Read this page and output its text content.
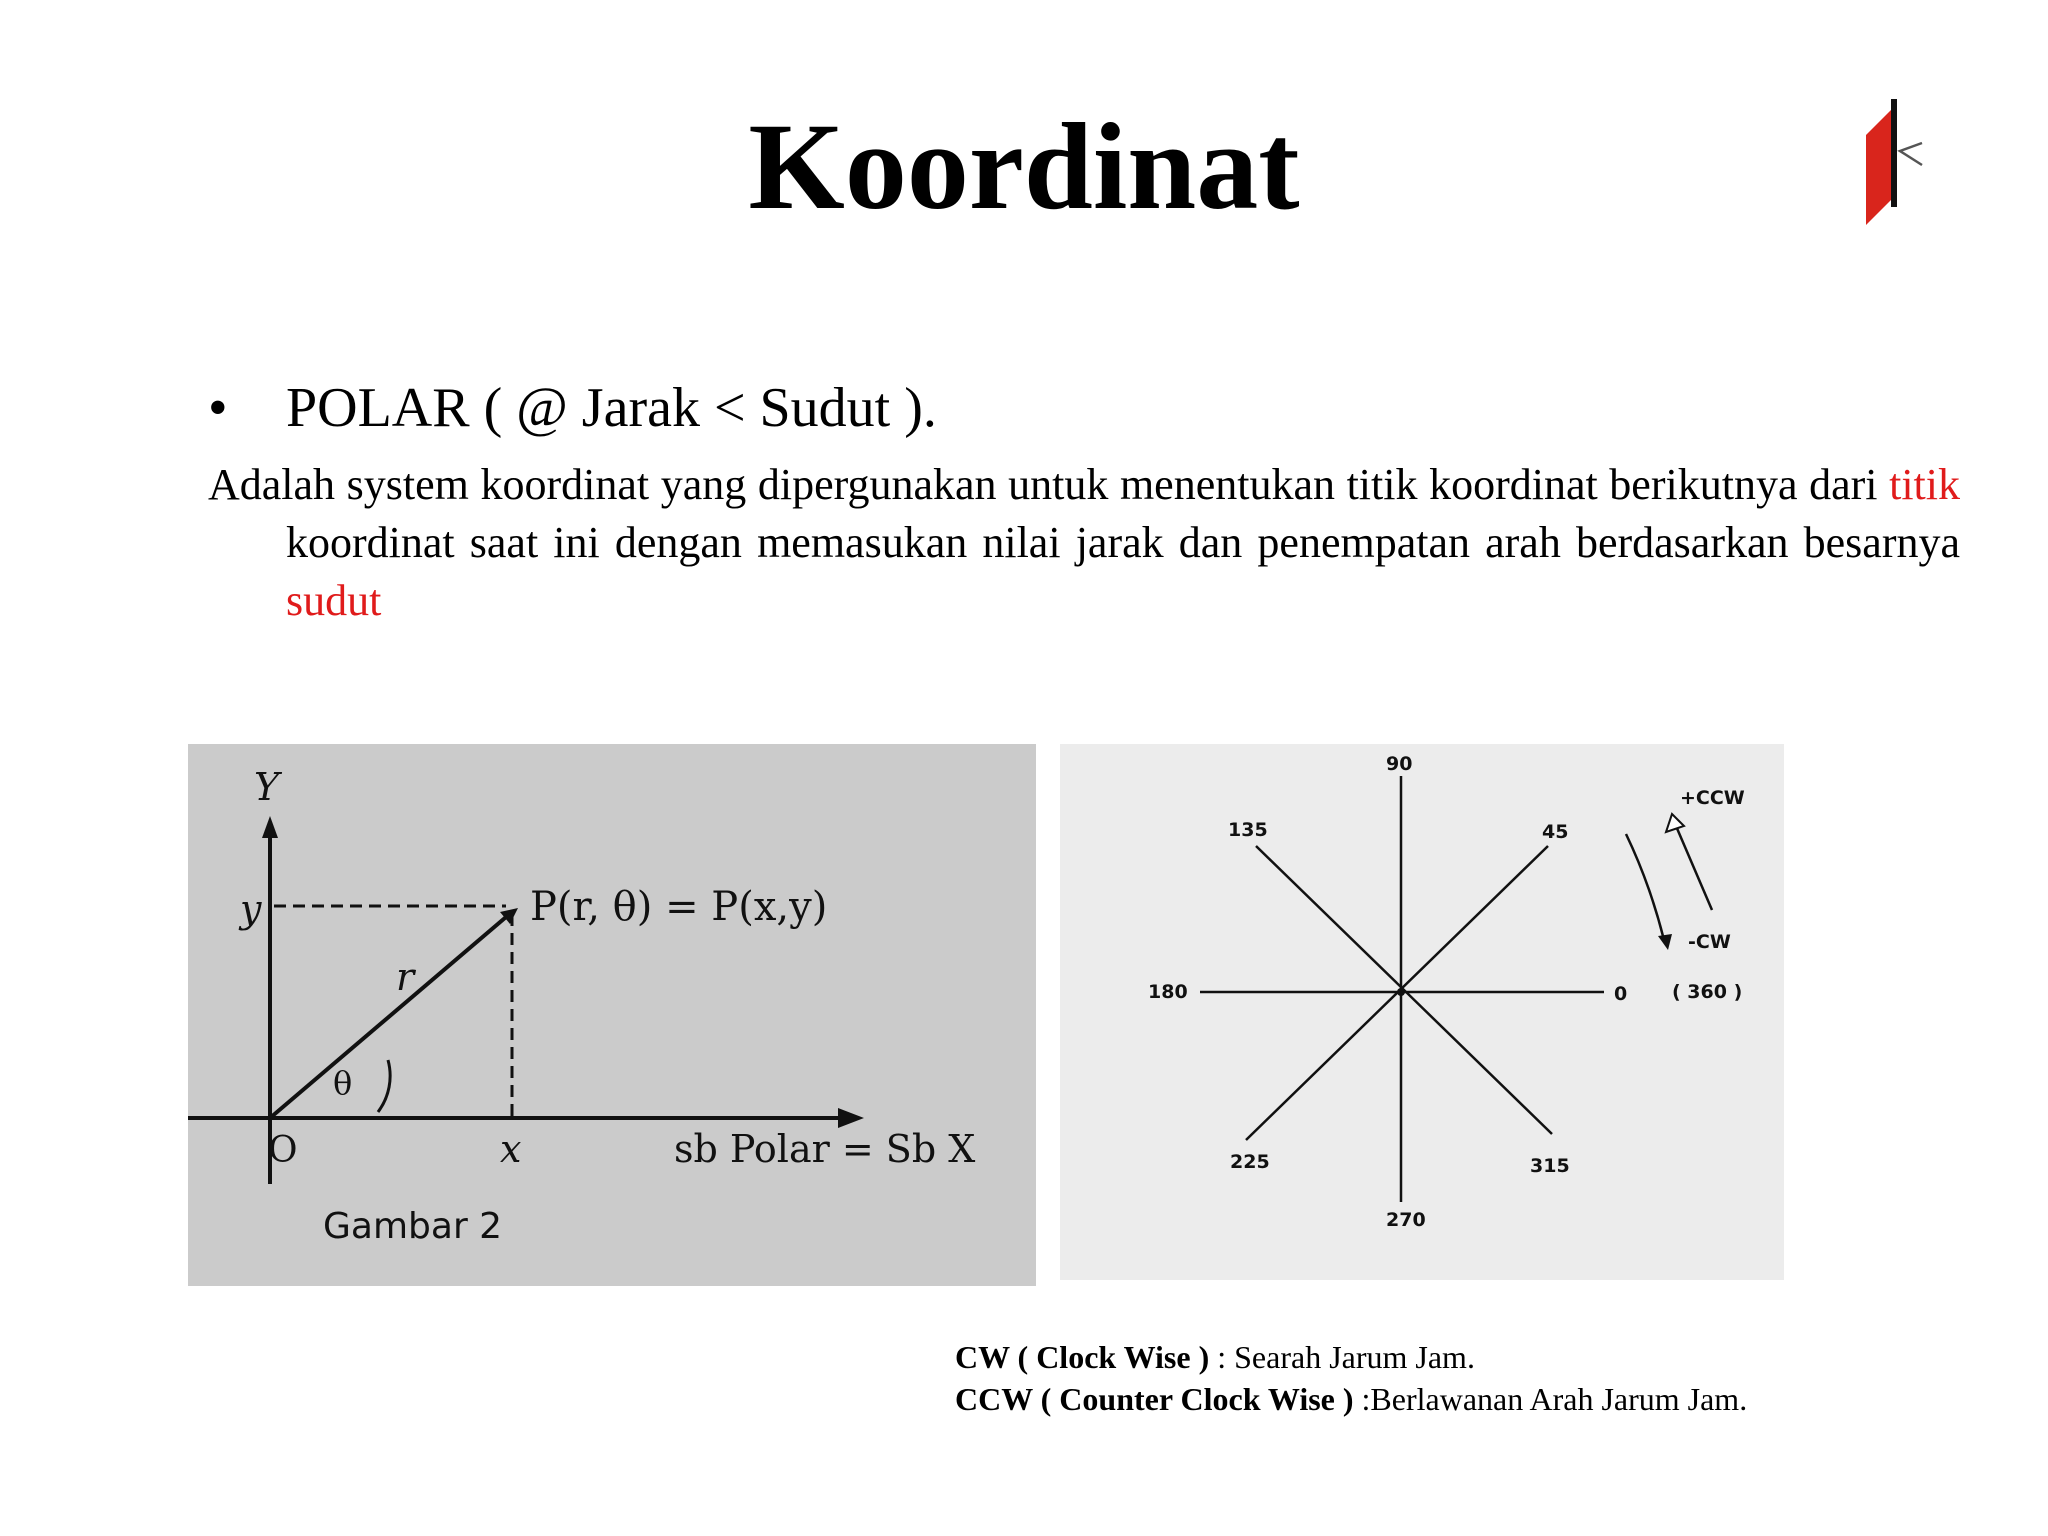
Koordinat
• POLAR ( @ Jarak < Sudut ).

Adalah system koordinat yang dipergunakan untuk menentukan titik koordinat berikutnya dari titik koordinat saat ini dengan memasukan nilai jarak dan penempatan arah berdasarkan besarnya sudut

Y
y	P(r, θ) = P(x,y)
r
θ
O	x	sb Polar = Sb X
Gambar 2
90
45
135
180	0 ( 360 )
225	315
270
+CCW
-CW
CW ( Clock Wise ) : Searah Jarum Jam.
CCW ( Counter Clock Wise ) :Berlawanan Arah Jarum Jam.
